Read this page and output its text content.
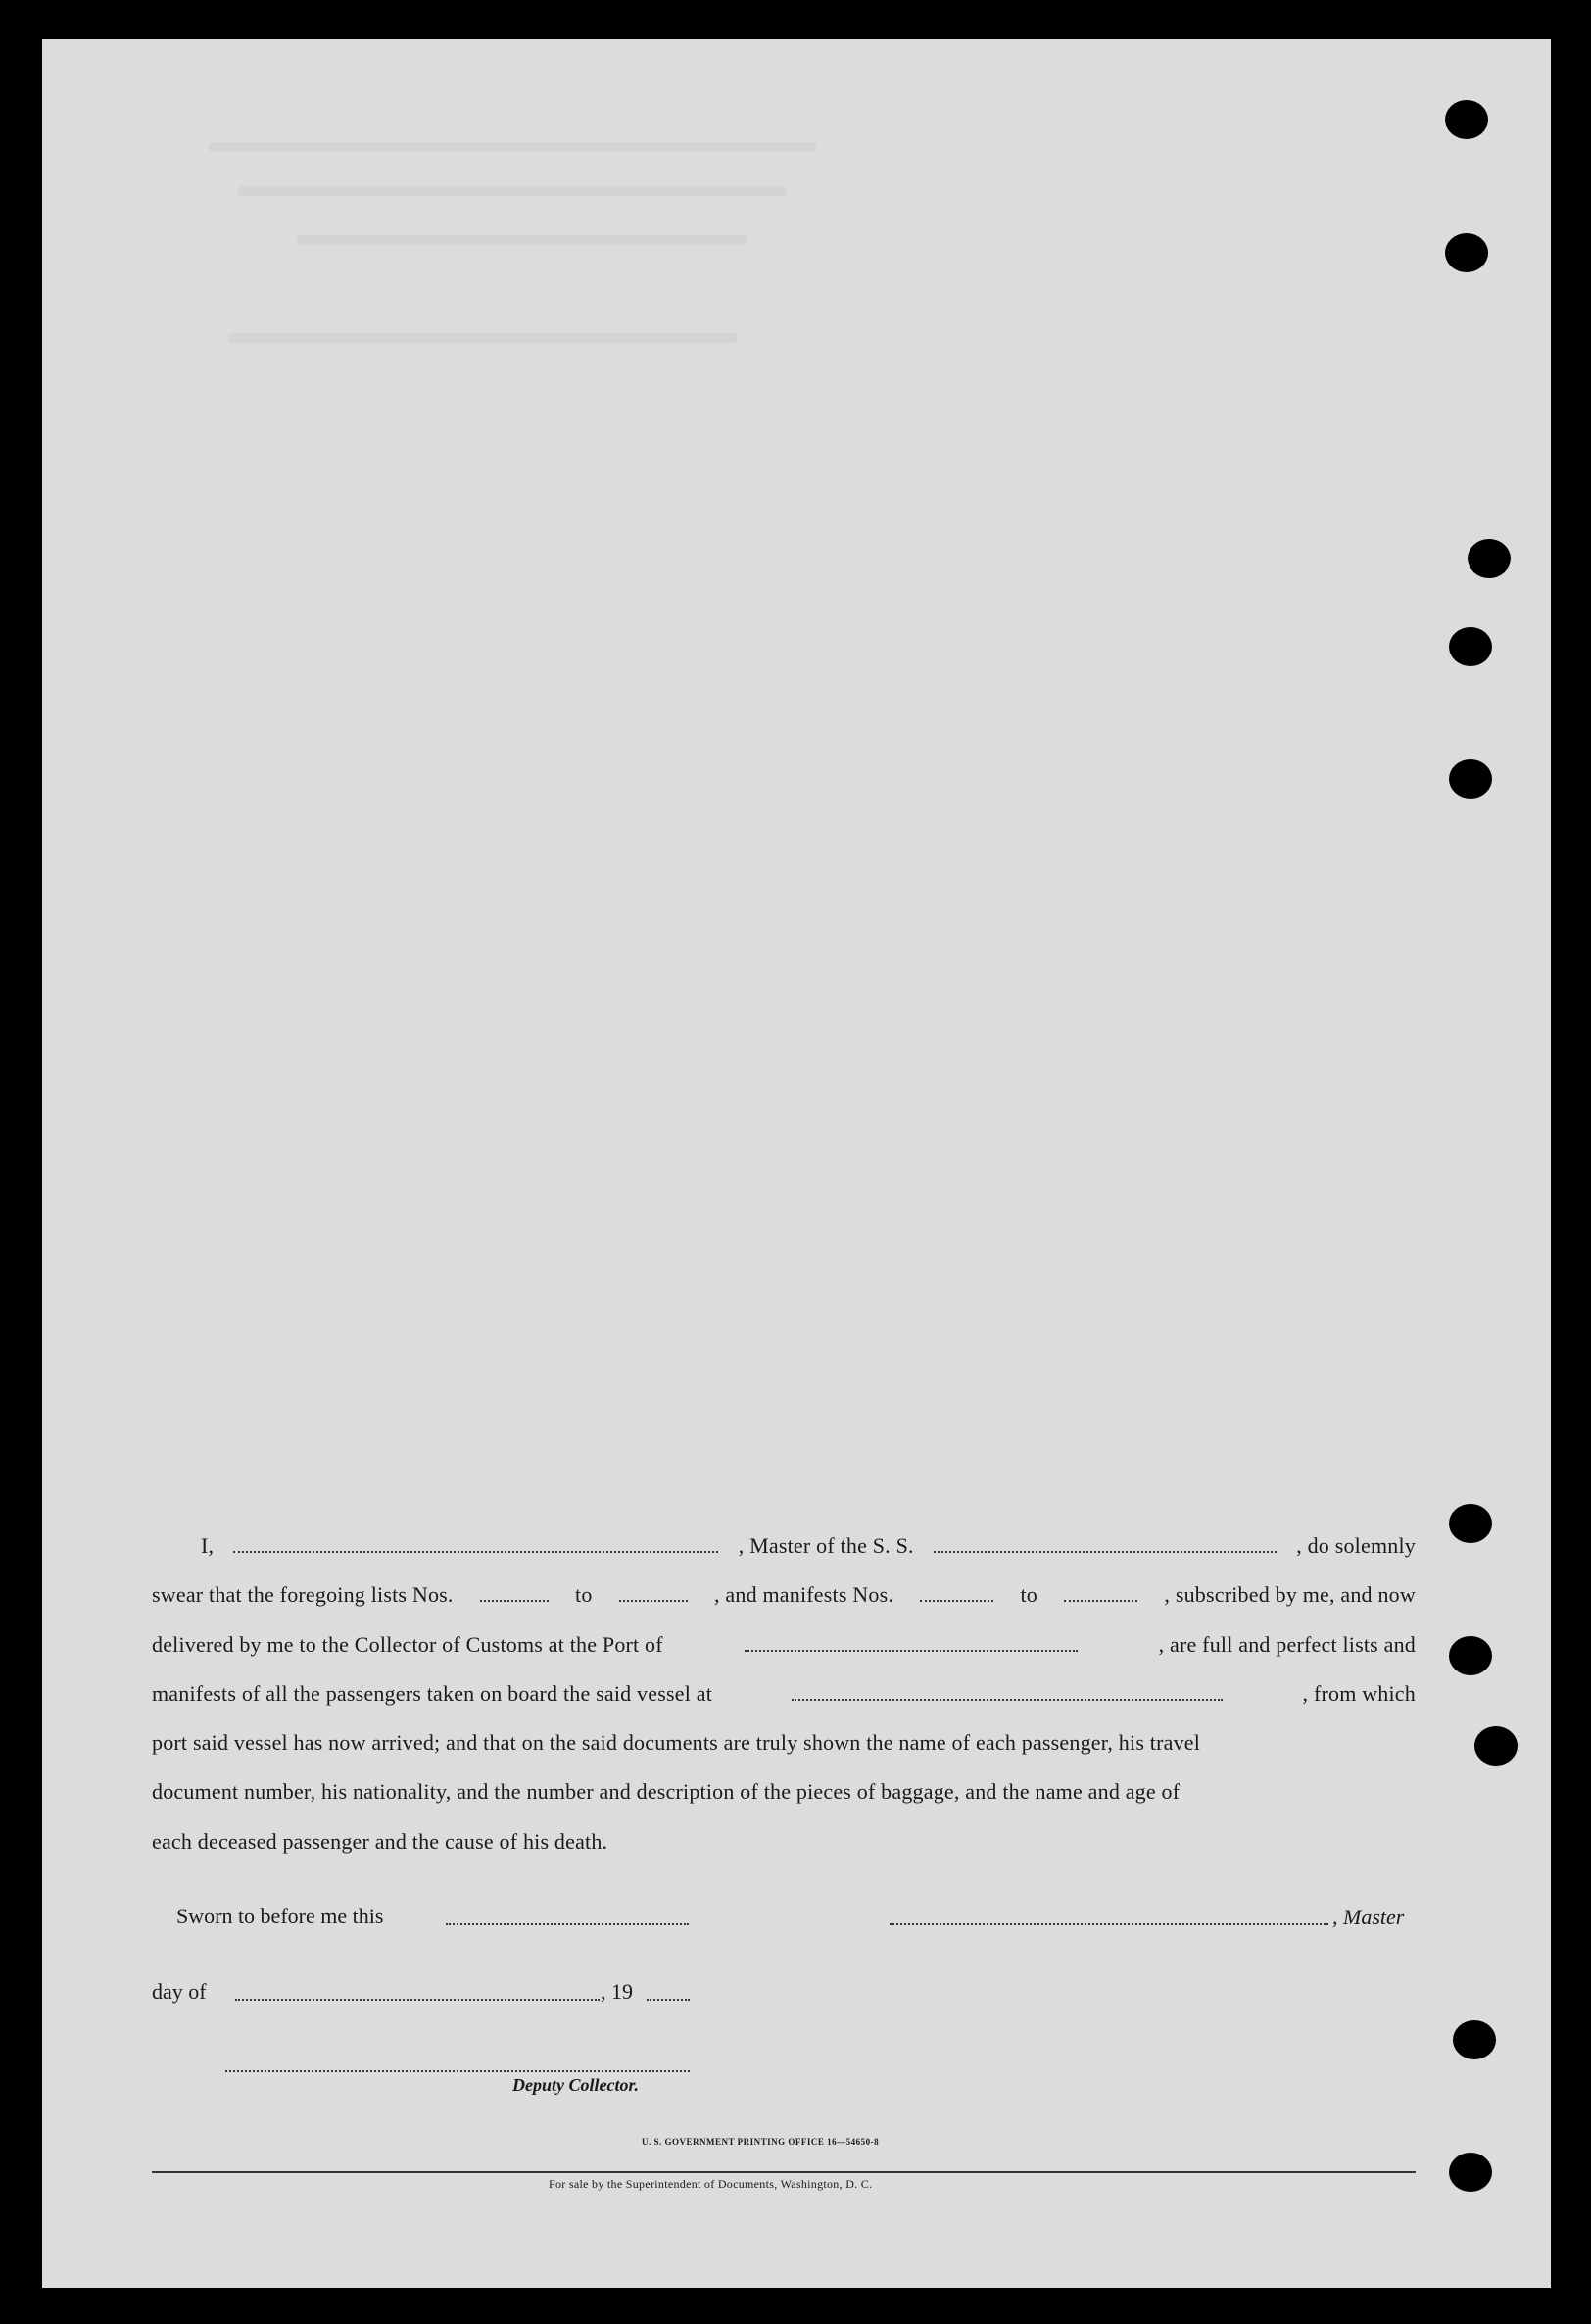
I,	, Master of the S. S.	, do solemnly
swear that the foregoing lists Nos.	to	, and manifests Nos.	to	, subscribed by me, and now
delivered by me to the Collector of Customs at the Port of	, are full and perfect lists and
manifests of all the passengers taken on board the said vessel at	, from which
port said vessel has now arrived; and that on the said documents are truly shown the name of each passenger, his travel
document number, his nationality, and the number and description of the pieces of baggage, and the name and age of
each deceased passenger and the cause of his death.
Sworn to before me this	, Master
day of	, 19
Deputy Collector.
U. S. GOVERNMENT PRINTING OFFICE 16—54650-8
For sale by the Superintendent of Documents, Washington, D. C.
